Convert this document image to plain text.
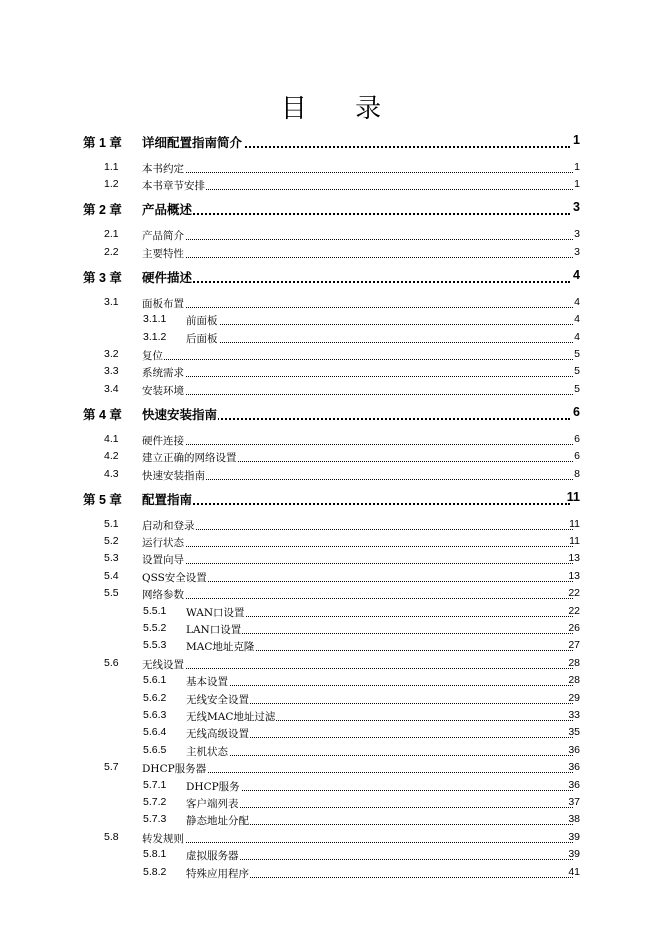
目 录
第 1 章 详细配置指南简介	1
1.1 本书约定	1
1.2 本书章节安排	1
第 2 章 产品概述	3
2.1 产品简介	3
2.2 主要特性	3
第 3 章 硬件描述	4
3.1 面板布置	4
3.1.1 前面板	4
3.1.2 后面板	4
3.2 复位	5
3.3 系统需求	5
3.4 安装环境	5
第 4 章 快速安装指南	6
4.1 硬件连接	6
4.2 建立正确的网络设置	6
4.3 快速安装指南	8
第 5 章 配置指南	11
5.1 启动和登录	11
5.2 运行状态	11
5.3 设置向导	13
5.4 QSS安全设置	13
5.5 网络参数	22
5.5.1 WAN口设置	22
5.5.2 LAN口设置	26
5.5.3 MAC地址克隆	27
5.6 无线设置	28
5.6.1 基本设置	28
5.6.2 无线安全设置	29
5.6.3 无线MAC地址过滤	33
5.6.4 无线高级设置	35
5.6.5 主机状态	36
5.7 DHCP服务器	36
5.7.1 DHCP服务	36
5.7.2 客户端列表	37
5.7.3 静态地址分配	38
5.8 转发规则	39
5.8.1 虚拟服务器	39
5.8.2 特殊应用程序	41
